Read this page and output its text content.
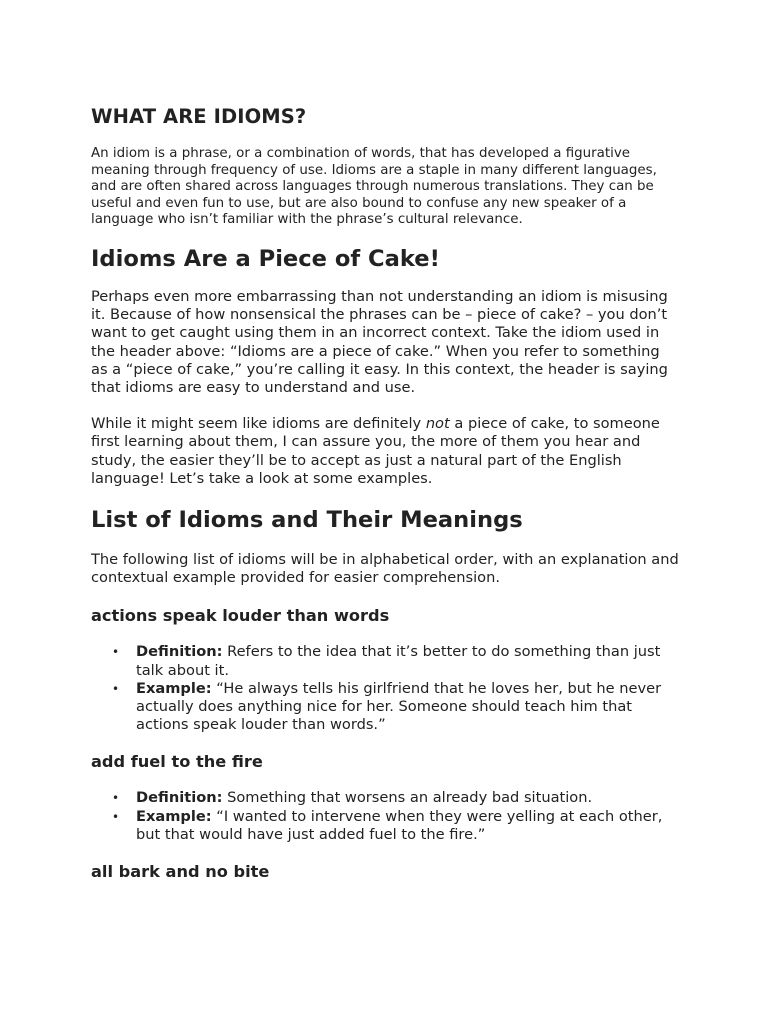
WHAT ARE IDIOMS?

An idiom is a phrase, or a combination of words, that has developed a figurative meaning through frequency of use. Idioms are a staple in many different languages, and are often shared across languages through numerous translations. They can be useful and even fun to use, but are also bound to confuse any new speaker of a language who isn’t familiar with the phrase’s cultural relevance.

Idioms Are a Piece of Cake!

Perhaps even more embarrassing than not understanding an idiom is misusing it. Because of how nonsensical the phrases can be – piece of cake? – you don’t want to get caught using them in an incorrect context. Take the idiom used in the header above: “Idioms are a piece of cake.” When you refer to something as a “piece of cake,” you’re calling it easy. In this context, the header is saying that idioms are easy to understand and use.

While it might seem like idioms are definitely not a piece of cake, to someone first learning about them, I can assure you, the more of them you hear and study, the easier they’ll be to accept as just a natural part of the English language! Let’s take a look at some examples.

List of Idioms and Their Meanings

The following list of idioms will be in alphabetical order, with an explanation and contextual example provided for easier comprehension.

actions speak louder than words
• Definition: Refers to the idea that it’s better to do something than just talk about it.
• Example: “He always tells his girlfriend that he loves her, but he never actually does anything nice for her. Someone should teach him that actions speak louder than words.”
add fuel to the fire
• Definition: Something that worsens an already bad situation.
• Example: “I wanted to intervene when they were yelling at each other, but that would have just added fuel to the fire.”
all bark and no bite
